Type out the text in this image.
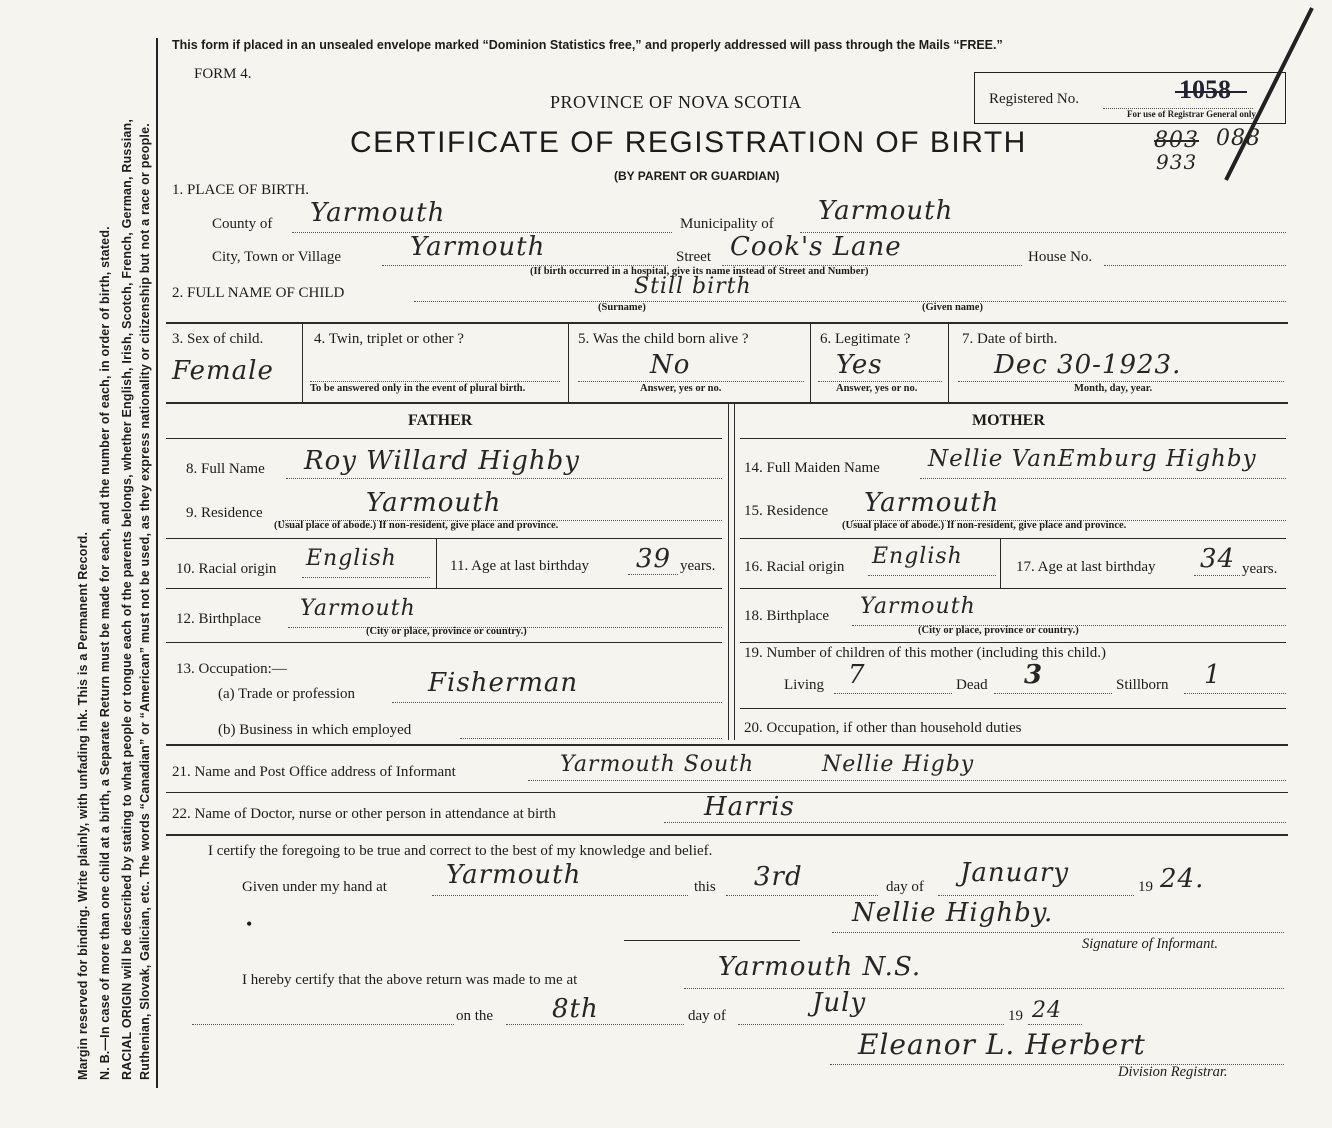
Margin reserved for binding. Write plainly, with unfading ink. This is a Permanent Record. N. B.—In case of more than one child at a birth, a Separate Return must be made for each, and the number of each, in order of birth, stated. RACIAL ORIGIN will be described by stating to what people or tongue each of the parents belongs, whether English, Irish, Scotch, French, German, Russian, Ruthenian, Slovak, Galician, etc. The words “Canadian” or “American” must not be used, as they express nationality or citizenship but not a race or people.
This form if placed in an unsealed envelope marked “Dominion Statistics free,” and properly addressed will pass through the Mails “FREE.”
FORM 4.
PROVINCE OF NOVA SCOTIA
CERTIFICATE OF REGISTRATION OF BIRTH
(BY PARENT OR GUARDIAN)
Registered No.	1058
For use of Registrar General only.
803 088
933
1. PLACE OF BIRTH.
County of Yarmouth	Municipality of Yarmouth
City, Town or Village	Yarmouth	Street Cook's Lane	House No.
(If birth occurred in a hospital, give its name instead of Street and Number)
2. FULL NAME OF CHILD	Still birth
(Surname)	(Given name)
3. Sex of child.
Female
4. Twin, triplet or other ?
To be answered only in the event of plural birth.
5. Was the child born alive ?
No
Answer, yes or no.
6. Legitimate ?
Yes
Answer, yes or no.
7. Date of birth.
Dec 30-1923.
Month, day, year.
FATHER	MOTHER
8. Full Name Roy Willard Highby
9. Residence	Yarmouth
(Usual place of abode.) If non-resident, give place and province.
10. Racial origin English	11. Age at last birthday 39 years.
12. Birthplace Yarmouth
(City or place, province or country.)
13. Occupation:—
(a) Trade or profession	Fisherman
(b) Business in which employed
14. Full Maiden Name Nellie VanEmburg Highby
15. Residence Yarmouth
(Usual place of abode.) If non-resident, give place and province.
16. Racial origin English	17. Age at last birthday 34 years.
18. Birthplace Yarmouth
(City or place, province or country.)
19. Number of children of this mother (including this child.)
Living 7	Dead 3	Stillborn 1
20. Occupation, if other than household duties
21. Name and Post Office address of Informant	Yarmouth South	Nellie Higby
22. Name of Doctor, nurse or other person in attendance at birth	Harris
I certify the foregoing to be true and correct to the best of my knowledge and belief.
Given under my hand at Yarmouth	this 3rd	day of January	19 24.
•	Nellie Highby.
Signature of Informant.
I hereby certify that the above return was made to me at	Yarmouth N.S.
on the 8th	day of	July	19 24
Eleanor L. Herbert
Division Registrar.
